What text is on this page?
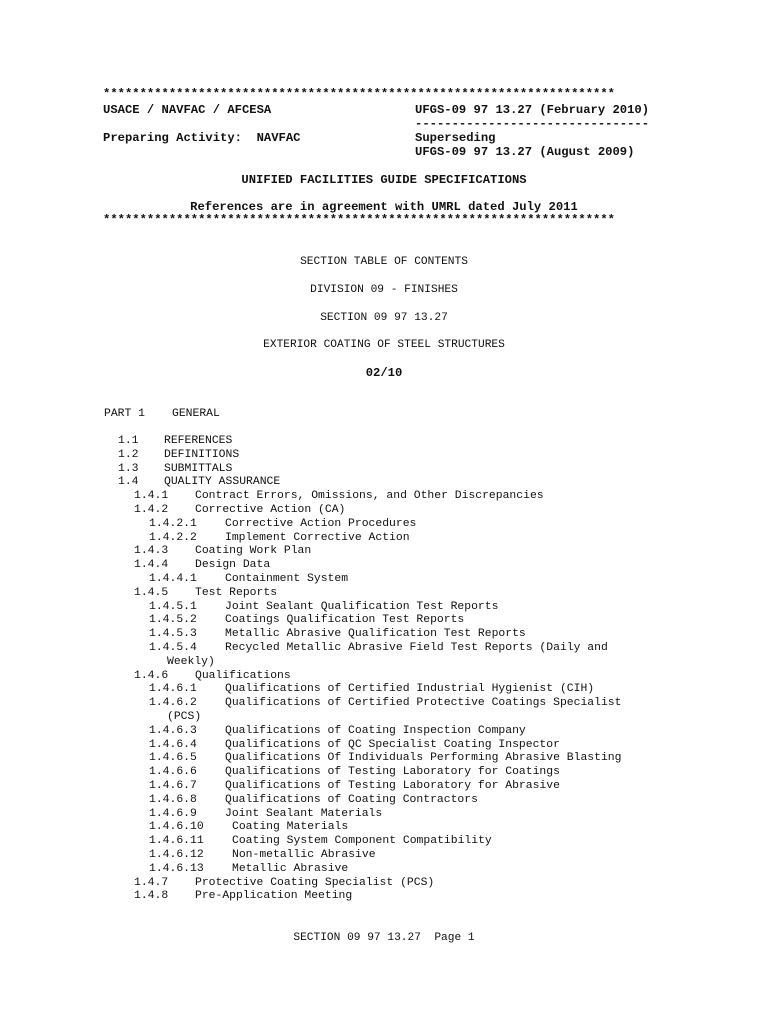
**********************************************************************
USACE / NAVFAC / AFCESA	UFGS-09 97 13.27 (February 2010)
--------------------------------
Preparing Activity:  NAVFAC	Superseding
UFGS-09 97 13.27 (August 2009)
UNIFIED FACILITIES GUIDE SPECIFICATIONS
References are in agreement with UMRL dated July 2011
**********************************************************************
SECTION TABLE OF CONTENTS
DIVISION 09 - FINISHES
SECTION 09 97 13.27
EXTERIOR COATING OF STEEL STRUCTURES
02/10
PART 1 GENERAL
1.1 REFERENCES
1.2 DEFINITIONS
1.3 SUBMITTALS
1.4 QUALITY ASSURANCE
1.4.1 Contract Errors, Omissions, and Other Discrepancies
1.4.2 Corrective Action (CA)
1.4.2.1 Corrective Action Procedures
1.4.2.2 Implement Corrective Action
1.4.3 Coating Work Plan
1.4.4 Design Data
1.4.4.1 Containment System
1.4.5 Test Reports
1.4.5.1 Joint Sealant Qualification Test Reports
1.4.5.2 Coatings Qualification Test Reports
1.4.5.3 Metallic Abrasive Qualification Test Reports
1.4.5.4 Recycled Metallic Abrasive Field Test Reports (Daily and
Weekly)
1.4.6 Qualifications
1.4.6.1 Qualifications of Certified Industrial Hygienist (CIH)
1.4.6.2 Qualifications of Certified Protective Coatings Specialist
(PCS)
1.4.6.3 Qualifications of Coating Inspection Company
1.4.6.4 Qualifications of QC Specialist Coating Inspector
1.4.6.5 Qualifications Of Individuals Performing Abrasive Blasting
1.4.6.6 Qualifications of Testing Laboratory for Coatings
1.4.6.7 Qualifications of Testing Laboratory for Abrasive
1.4.6.8 Qualifications of Coating Contractors
1.4.6.9 Joint Sealant Materials
1.4.6.10 Coating Materials
1.4.6.11 Coating System Component Compatibility
1.4.6.12 Non-metallic Abrasive
1.4.6.13 Metallic Abrasive
1.4.7 Protective Coating Specialist (PCS)
1.4.8 Pre-Application Meeting
SECTION 09 97 13.27  Page 1
